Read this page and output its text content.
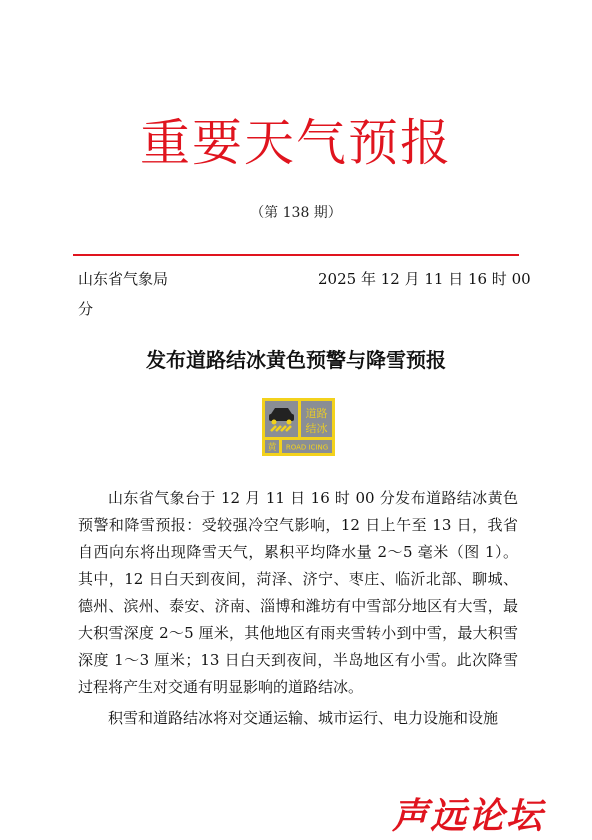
重要天气预报
（第 138 期）
山东省气象局
分
2025 年 12 月 11 日 16 时 00
发布道路结冰黄色预警与降雪预报
道路
结冰
黄 ROAD ICING

山东省气象台于 12 月 11 日 16 时 00 分发布道路结冰黄色预警和降雪预报：受较强冷空气影响，12 日上午至 13 日，我省自西向东将出现降雪天气，累积平均降水量 2～5 毫米（图 1）。其中，12 日白天到夜间，菏泽、济宁、枣庄、临沂北部、聊城、德州、滨州、泰安、济南、淄博和潍坊有中雪部分地区有大雪，最大积雪深度 2～5 厘米，其他地区有雨夹雪转小到中雪，最大积雪深度 1～3 厘米；13 日白天到夜间，半岛地区有小雪。此次降雪过程将产生对交通有明显影响的道路结冰。

积雪和道路结冰将对交通运输、城市运行、电力设施和设施

声远论坛
